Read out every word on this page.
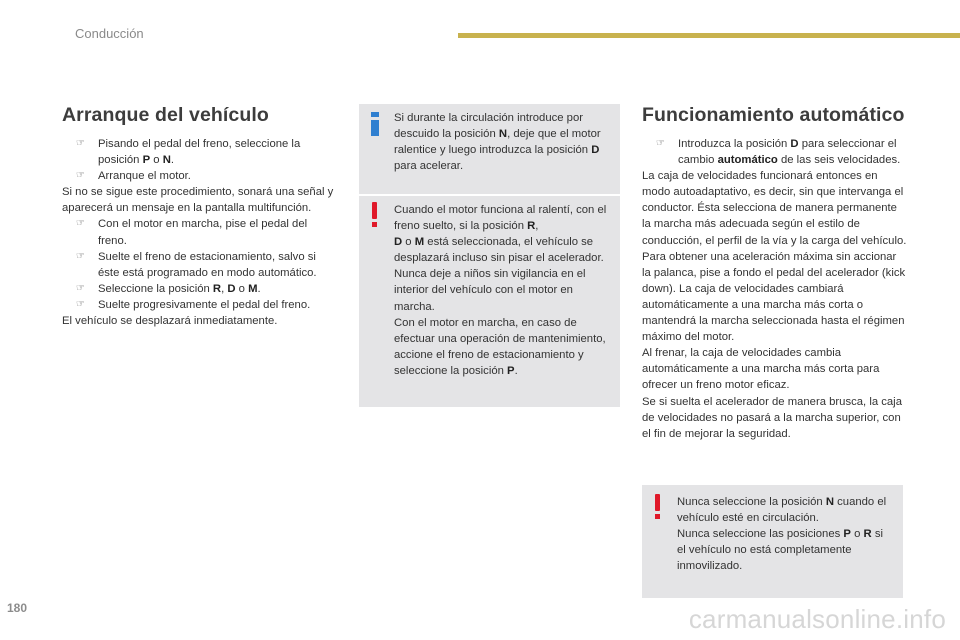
Conducción
Arranque del vehículo
☞ Pisando el pedal del freno, seleccione la posición P o N.
☞ Arranque el motor.
Si no se sigue este procedimiento, sonará una señal y aparecerá un mensaje en la pantalla multifunción.
☞ Con el motor en marcha, pise el pedal del freno.
☞ Suelte el freno de estacionamiento, salvo si éste está programado en modo automático.
☞ Seleccione la posición R, D o M.
☞ Suelte progresivamente el pedal del freno.
El vehículo se desplazará inmediatamente.
Si durante la circulación introduce por descuido la posición N, deje que el motor ralentice y luego introduzca la posición D para acelerar.
Cuando el motor funciona al ralentí, con el freno suelto, si la posición R,
D o M está seleccionada, el vehículo se desplazará incluso sin pisar el acelerador.
Nunca deje a niños sin vigilancia en el interior del vehículo con el motor en marcha.
Con el motor en marcha, en caso de efectuar una operación de mantenimiento, accione el freno de estacionamiento y seleccione la posición P.
Funcionamiento automático
☞ Introduzca la posición D para seleccionar el cambio automático de las seis velocidades.
La caja de velocidades funcionará entonces en modo autoadaptativo, es decir, sin que intervanga el conductor. Ésta selecciona de manera permanente la marcha más adecuada según el estilo de conducción, el perfil de la vía y la carga del vehículo.
Para obtener una aceleración máxima sin accionar la palanca, pise a fondo el pedal del acelerador (kick down). La caja de velocidades cambiará automáticamente a una marcha más corta o mantendrá la marcha seleccionada hasta el régimen máximo del motor.
Al frenar, la caja de velocidades cambia automáticamente a una marcha más corta para ofrecer un freno motor eficaz.
Se si suelta el acelerador de manera brusca, la caja de velocidades no pasará a la marcha superior, con el fin de mejorar la seguridad.
Nunca seleccione la posición N cuando el vehículo esté en circulación.
Nunca seleccione las posiciones P o R si el vehículo no está completamente inmovilizado.
180	carmanualsonline.info
